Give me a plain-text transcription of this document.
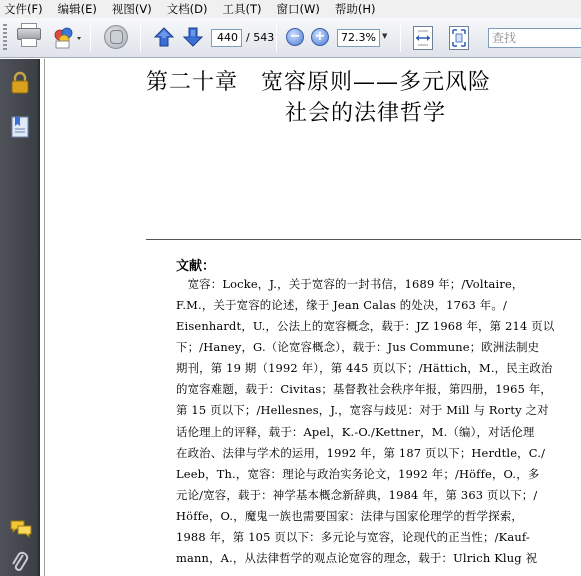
文件(F) 编辑(E) 视图(V) 文档(D) 工具(T) 窗口(W) 帮助(H)
440 / 543 − +	72.3% ▼	查找
第二十章　宽容原则——多元风险
社会的法律哲学
文献：
　宽容：Locke，J.，关于宽容的一封书信，1689 年；/Voltaire，
F.M.，关于宽容的论述，缘于 Jean Calas 的处决，1763 年。/
Eisenhardt，U.，公法上的宽容概念，载于：JZ 1968 年，第 214 页以
下；/Haney，G.（论宽容概念），载于：Jus Commune；欧洲法制史
期刊，第 19 期（1992 年），第 445 页以下；/Hättich，M.，民主政治
的宽容难题，载于：Civitas；基督教社会秩序年报，第四册，1965 年，
第 15 页以下；/Hellesnes，J.，宽容与歧见：对于 Mill 与 Rorty 之对
话伦理上的评释，载于：Apel，K.-O./Kettner，M.（编），对话伦理
在政治、法律与学术的运用，1992 年，第 187 页以下；Herdtle，C./
Leeb，Th.，宽容：理论与政治实务论文，1992 年；/Höffe，O.，多
元论/宽容，载于：神学基本概念新辞典，1984 年，第 363 页以下；/
Höffe，O.，魔鬼一族也需要国家：法律与国家伦理学的哲学探索，
1988 年，第 105 页以下：多元论与宽容，论现代的正当性；/Kauf-
mann，A.，从法律哲学的观点论宽容的理念，载于：Ulrich Klug 祝
